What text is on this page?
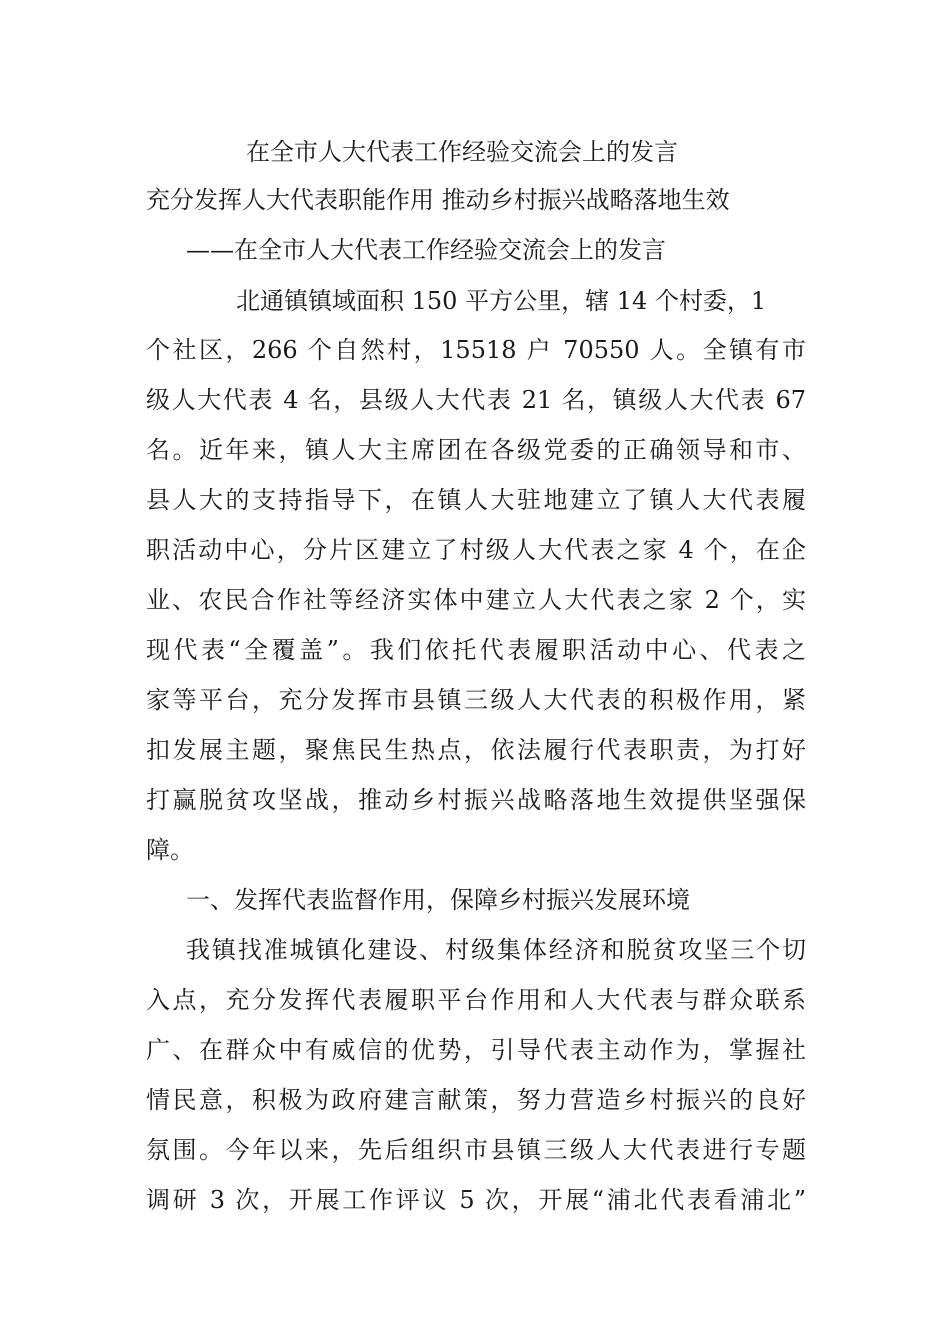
在全市人大代表工作经验交流会上的发言

充分发挥人大代表职能作用 推动乡村振兴战略落地生效

——在全市人大代表工作经验交流会上的发言

北通镇镇域面积 150 平方公里，辖 14 个村委，1

个社区，266 个自然村，15518 户 70550 人。全镇有市

级人大代表 4 名，县级人大代表 21 名，镇级人大代表 67

名。近年来，镇人大主席团在各级党委的正确领导和市、

县人大的支持指导下，在镇人大驻地建立了镇人大代表履

职活动中心，分片区建立了村级人大代表之家 4 个，在企

业、农民合作社等经济实体中建立人大代表之家 2 个，实

现代表“全覆盖”。我们依托代表履职活动中心、代表之

家等平台，充分发挥市县镇三级人大代表的积极作用，紧

扣发展主题，聚焦民生热点，依法履行代表职责，为打好

打赢脱贫攻坚战，推动乡村振兴战略落地生效提供坚强保

障。

一、发挥代表监督作用，保障乡村振兴发展环境

我镇找准城镇化建设、村级集体经济和脱贫攻坚三个切

入点，充分发挥代表履职平台作用和人大代表与群众联系

广、在群众中有威信的优势，引导代表主动作为，掌握社

情民意，积极为政府建言献策，努力营造乡村振兴的良好

氛围。今年以来，先后组织市县镇三级人大代表进行专题

调研 3 次，开展工作评议 5 次，开展“浦北代表看浦北”
